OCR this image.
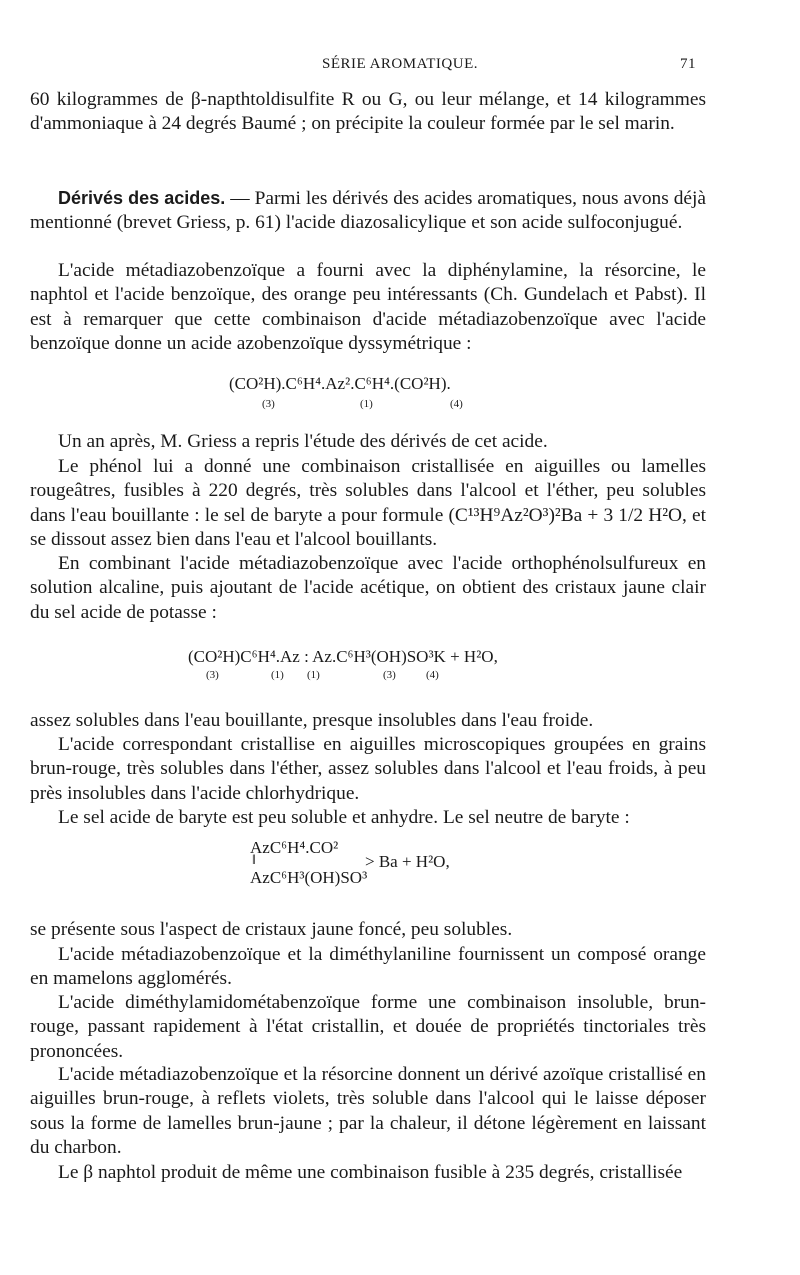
SÉRIE AROMATIQUE.	71

60 kilogrammes de β-napthtoldisulfite R ou G, ou leur mélange, et 14 kilogrammes d'ammoniaque à 24 degrés Baumé ; on précipite la couleur formée par le sel marin.

Dérivés des acides. — Parmi les dérivés des acides aromatiques, nous avons déjà mentionné (brevet Griess, p. 61) l'acide diazosalicylique et son acide sulfoconjugué.

L'acide métadiazobenzoïque a fourni avec la diphénylamine, la résorcine, le naphtol et l'acide benzoïque, des orange peu intéressants (Ch. Gundelach et Pabst). Il est à remarquer que cette combinaison d'acide métadiazobenzoïque avec l'acide benzoïque donne un acide azobenzoïque dyssymétrique :

(CO²H).C⁶H⁴.Az².C⁶H⁴.(CO²H).
(3)	(1)	(4)

Un an après, M. Griess a repris l'étude des dérivés de cet acide.

Le phénol lui a donné une combinaison cristallisée en aiguilles ou lamelles rougeâtres, fusibles à 220 degrés, très solubles dans l'alcool et l'éther, peu solubles dans l'eau bouillante : le sel de baryte a pour formule (C¹³H⁹Az²O³)²Ba + 3 1/2 H²O, et se dissout assez bien dans l'eau et l'alcool bouillants.

En combinant l'acide métadiazobenzoïque avec l'acide orthophénolsulfureux en solution alcaline, puis ajoutant de l'acide acétique, on obtient des cristaux jaune clair du sel acide de potasse :

(CO²H)C⁶H⁴.Az : Az.C⁶H³(OH)SO³K + H²O,
(3)	(1) (1)	(3)	(4)

assez solubles dans l'eau bouillante, presque insolubles dans l'eau froide.

L'acide correspondant cristallise en aiguilles microscopiques groupées en grains brun-rouge, très solubles dans l'éther, assez solubles dans l'alcool et l'eau froids, à peu près insolubles dans l'acide chlorhydrique.

Le sel acide de baryte est peu soluble et anhydre. Le sel neutre de baryte :

AzC⁶H⁴.CO²
‖
AzC⁶H³(OH)SO³
> Ba + H²O,

se présente sous l'aspect de cristaux jaune foncé, peu solubles.

L'acide métadiazobenzoïque et la diméthylaniline fournissent un composé orange en mamelons agglomérés.

L'acide diméthylamidométabenzoïque forme une combinaison insoluble, brun-rouge, passant rapidement à l'état cristallin, et douée de propriétés tinctoriales très prononcées.

L'acide métadiazobenzoïque et la résorcine donnent un dérivé azoïque cristallisé en aiguilles brun-rouge, à reflets violets, très soluble dans l'alcool qui le laisse déposer sous la forme de lamelles brun-jaune ; par la chaleur, il détone légèrement en laissant du charbon.

Le β naphtol produit de même une combinaison fusible à 235 degrés, cristallisée
